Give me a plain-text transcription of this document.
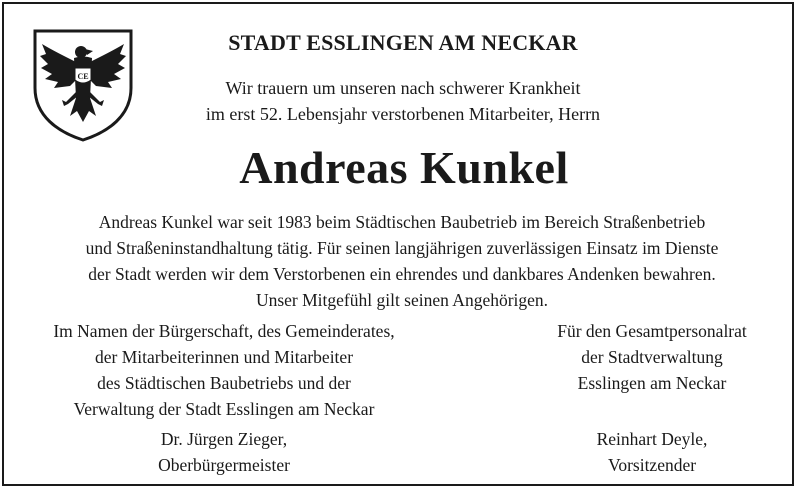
CE
STADT ESSLINGEN AM NECKAR
Wir trauern um unseren nach schwerer Krankheit
im erst 52. Lebensjahr verstorbenen Mitarbeiter, Herrn
Andreas Kunkel
Andreas Kunkel war seit 1983 beim Städtischen Baubetrieb im Bereich Straßenbetrieb
und Straßeninstandhaltung tätig. Für seinen langjährigen zuverlässigen Einsatz im Dienste
der Stadt werden wir dem Verstorbenen ein ehrendes und dankbares Andenken bewahren.
Unser Mitgefühl gilt seinen Angehörigen.
Im Namen der Bürgerschaft, des Gemeinderates,
der Mitarbeiterinnen und Mitarbeiter
des Städtischen Baubetriebs und der
Verwaltung der Stadt Esslingen am Neckar
Für den Gesamtpersonalrat
der Stadtverwaltung
Esslingen am Neckar
Dr. Jürgen Zieger,
Oberbürgermeister
Reinhart Deyle,
Vorsitzender
